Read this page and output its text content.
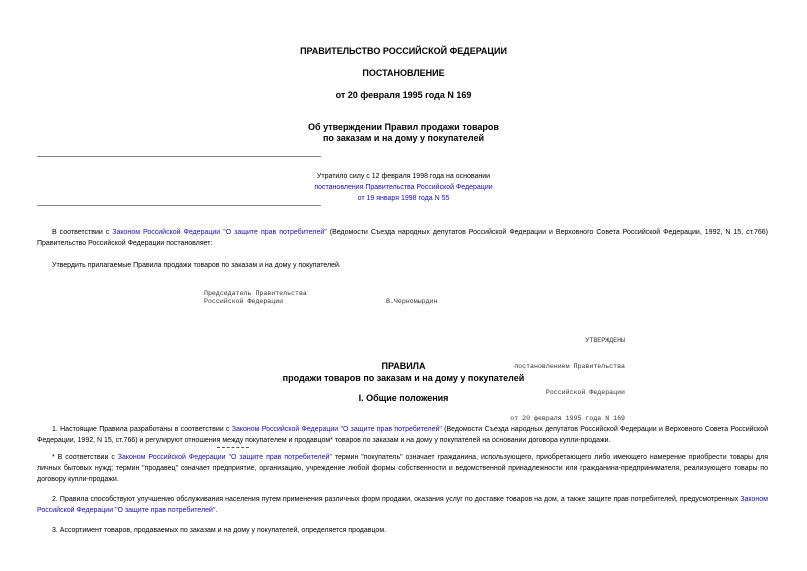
ПРАВИТЕЛЬСТВО РОССИЙСКОЙ ФЕДЕРАЦИИ
ПОСТАНОВЛЕНИЕ
от 20 февраля 1995 года N 169
Об утверждении Правил продажи товаров
по заказам и на дому у покупателей
Утратило силу с 12 февраля 1998 года на основании
постановления Правительства Российской Федерации
от 19 января 1998 года N 55
В соответствии с Законом Российской Федерации "О защите прав потребителей" (Ведомости Съезда народных депутатов Российской Федерации и Верховного Совета Российской Федерации, 1992, N 15, ст.766) Правительство Российской Федерации постановляет:
Утвердить прилагаемые Правила продажи товаров по заказам и на дому у покупателей.
Председатель Правительства
Российской Федерации	В.Черномырдин

УТВЕРЖДЕНЫ

постановлением Правительства

Российской Федерации

от 20 февраля 1995 года N 169

ПРАВИЛА
продажи товаров по заказам и на дому у покупателей
I. Общие положения
1. Настоящие Правила разработаны в соответствии с Законом Российской Федерации "О защите прав потребителей" (Ведомости Съезда народных депутатов Российской Федерации и Верховного Совета Российской Федерации, 1992, N 15, ст.766) и регулируют отношения между покупателем и продавцом* товаров по заказам и на дому у покупателей на основании договора купли-продажи.
* В соответствии с Законом Российской Федерации "О защите прав потребителей" термин "покупатель" означает гражданина, использующего, приобретающего либо имеющего намерение приобрести товары для личных бытовых нужд; термин "продавец" означает предприятие, организацию, учреждение любой формы собственности и ведомственной принадлежности или гражданина-предпринимателя, реализующего товары по договору купли-продажи.
2. Правила способствуют улучшению обслуживания населения путем применения различных форм продажи, оказания услуг по доставке товаров на дом, а также защите прав потребителей, предусмотренных Законом Российской Федерации "О защите прав потребителей".
3. Ассортимент товаров, продаваемых по заказам и на дому у покупателей, определяется продавцом.
